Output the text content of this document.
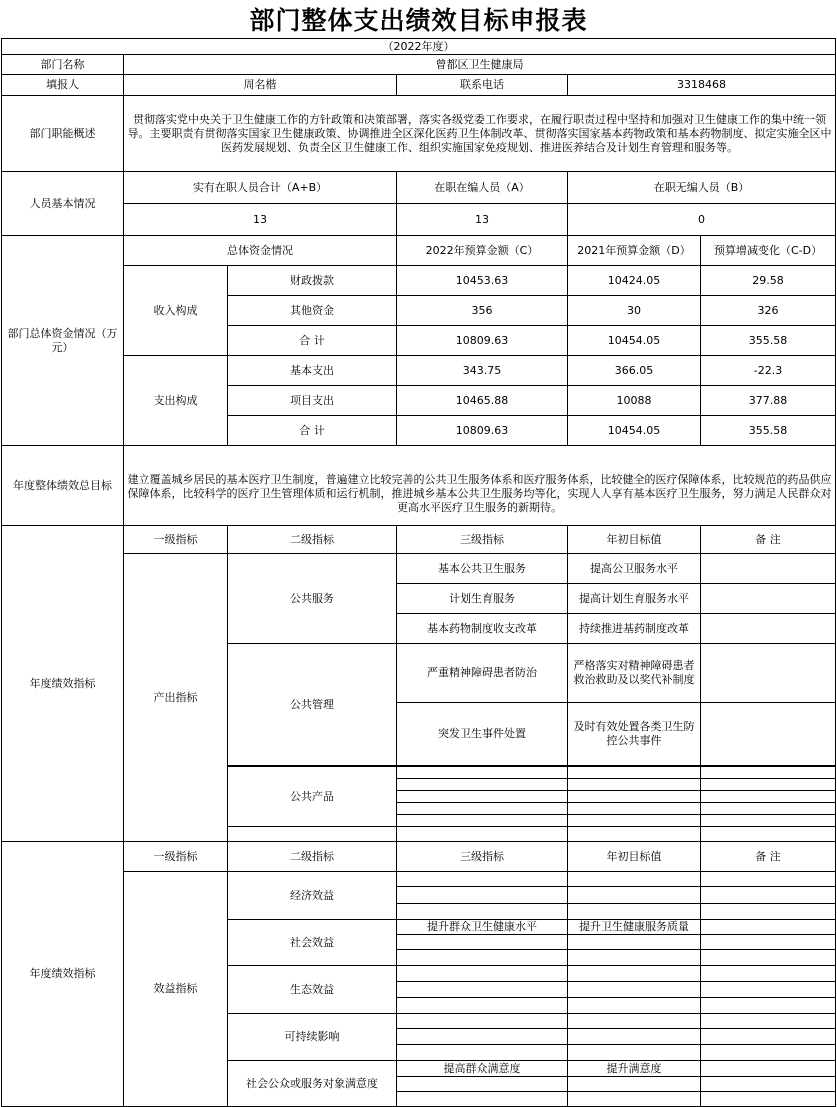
部门整体支出绩效目标申报表
（2022年度）					
部门名称	曾都区卫生健康局				
填报人	周名楷		联系电话	3318468	
部门职能概述	贯彻落实党中央关于卫生健康工作的方针政策和决策部署，落实各级党委工作要求，在履行职责过程中坚持和加强对卫生健康工作的集中统一领导。主要职责有贯彻落实国家卫生健康政策、协调推进全区深化医药卫生体制改革、贯彻落实国家基本药物政策和基本药物制度、拟定实施全区中医药发展规划、负责全区卫生健康工作、组织实施国家免疫规划、推进医养结合及计划生育管理和服务等。				
人员基本情况	实有在职人员合计（A+B）		在职在编人员（A）	在职无编人员（B）	
	13		13	0	
部门总体资金情况（万元）	总体资金情况		2022年预算金额（C）	2021年预算金额（D）	预算增减变化（C-D）
	收入构成	财政拨款	10453.63	10424.05	29.58
		其他资金	356	30	326
		合 计	10809.63	10454.05	355.58
	支出构成	基本支出	343.75	366.05	-22.3
		项目支出	10465.88	10088	377.88
		合 计	10809.63	10454.05	355.58
年度整体绩效总目标	建立覆盖城乡居民的基本医疗卫生制度，普遍建立比较完善的公共卫生服务体系和医疗服务体系，比较健全的医疗保障体系，比较规范的药品供应保障体系，比较科学的医疗卫生管理体质和运行机制，推进城乡基本公共卫生服务均等化，实现人人享有基本医疗卫生服务，努力满足人民群众对更高水平医疗卫生服务的新期待。				
年度绩效指标	一级指标	二级指标	三级指标	年初目标值	备 注
	产出指标	公共服务	基本公共卫生服务	提高公卫服务水平	
			计划生育服务	提高计划生育服务水平	
			基本药物制度收支改革	持续推进基药制度改革	
		公共管理	严重精神障碍患者防治	严格落实对精神障碍患者救治救助及以奖代补制度	
			突发卫生事件处置	及时有效处置各类卫生防控公共事件	

		公共产品			

年度绩效指标	一级指标	二级指标	三级指标	年初目标值	备 注
	效益指标	经济效益			

		社会效益	提升群众卫生健康水平	提升卫生健康服务质量	

		生态效益			

		可持续影响			

		社会公众或服务对象满意度	提高群众满意度	提升满意度	
